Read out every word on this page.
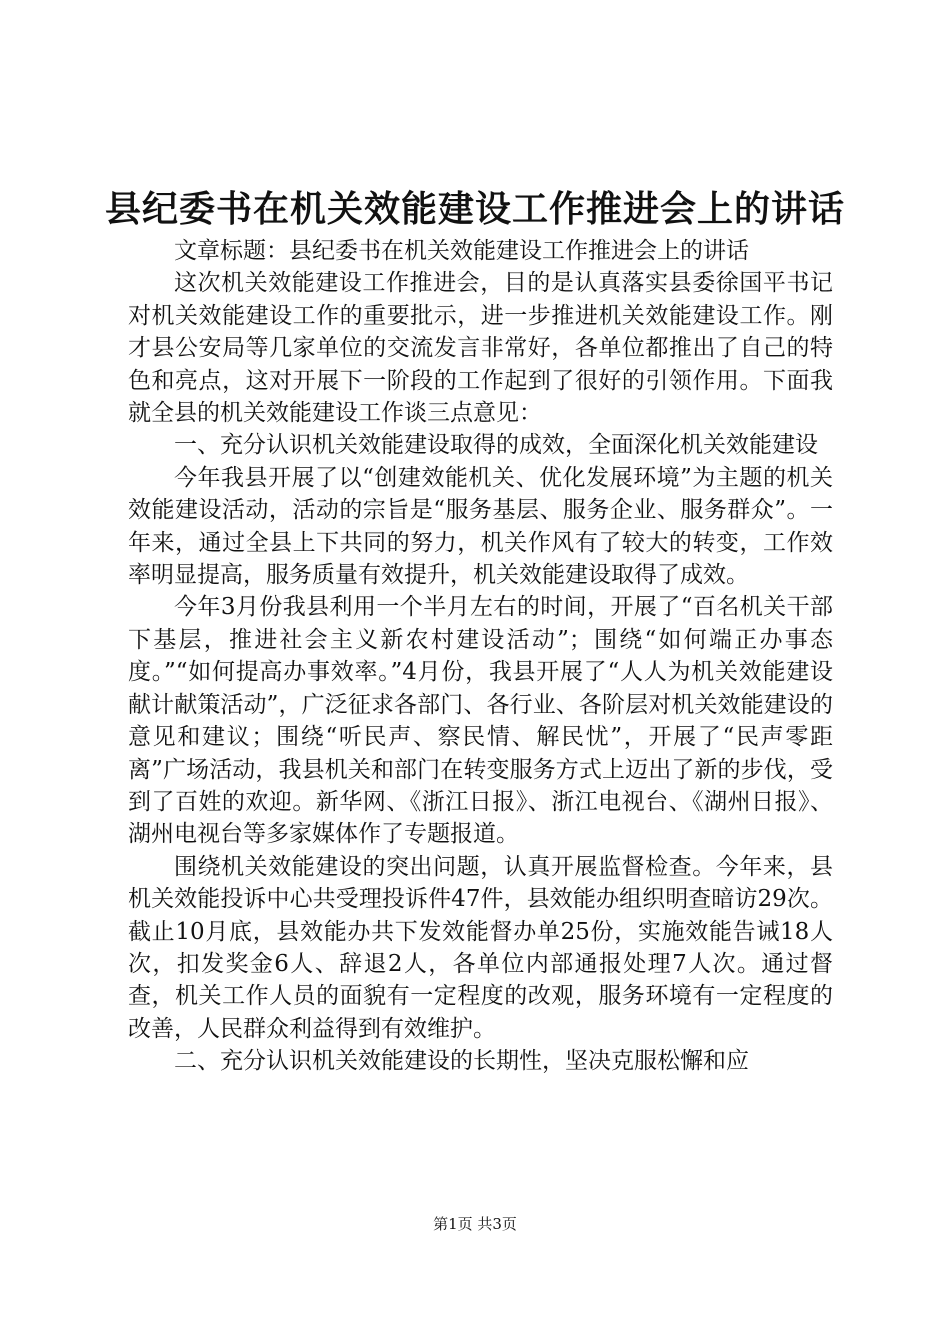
县纪委书在机关效能建设工作推进会上的讲话

文章标题：县纪委书在机关效能建设工作推进会上的讲话

这次机关效能建设工作推进会，目的是认真落实县委徐国平书记对机关效能建设工作的重要批示，进一步推进机关效能建设工作。刚才县公安局等几家单位的交流发言非常好，各单位都推出了自己的特色和亮点，这对开展下一阶段的工作起到了很好的引领作用。下面我就全县的机关效能建设工作谈三点意见：

一、充分认识机关效能建设取得的成效，全面深化机关效能建设

今年我县开展了以“创建效能机关、优化发展环境”为主题的机关效能建设活动，活动的宗旨是“服务基层、服务企业、服务群众”。一年来，通过全县上下共同的努力，机关作风有了较大的转变，工作效率明显提高，服务质量有效提升，机关效能建设取得了成效。

今年3月份我县利用一个半月左右的时间，开展了“百名机关干部下基层，推进社会主义新农村建设活动”；围绕“如何端正办事态度。”“如何提高办事效率。”4月份，我县开展了“人人为机关效能建设献计献策活动”，广泛征求各部门、各行业、各阶层对机关效能建设的意见和建议；围绕“听民声、察民情、解民忧”，开展了“民声零距离”广场活动，我县机关和部门在转变服务方式上迈出了新的步伐，受到了百姓的欢迎。新华网、《浙江日报》、浙江电视台、《湖州日报》、湖州电视台等多家媒体作了专题报道。

围绕机关效能建设的突出问题，认真开展监督检查。今年来，县机关效能投诉中心共受理投诉件47件，县效能办组织明查暗访29次。截止10月底，县效能办共下发效能督办单25份，实施效能告诫18人次，扣发奖金6人、辞退2人，各单位内部通报处理7人次。通过督查，机关工作人员的面貌有一定程度的改观，服务环境有一定程度的改善，人民群众利益得到有效维护。

二、充分认识机关效能建设的长期性，坚决克服松懈和应

第1页 共3页
